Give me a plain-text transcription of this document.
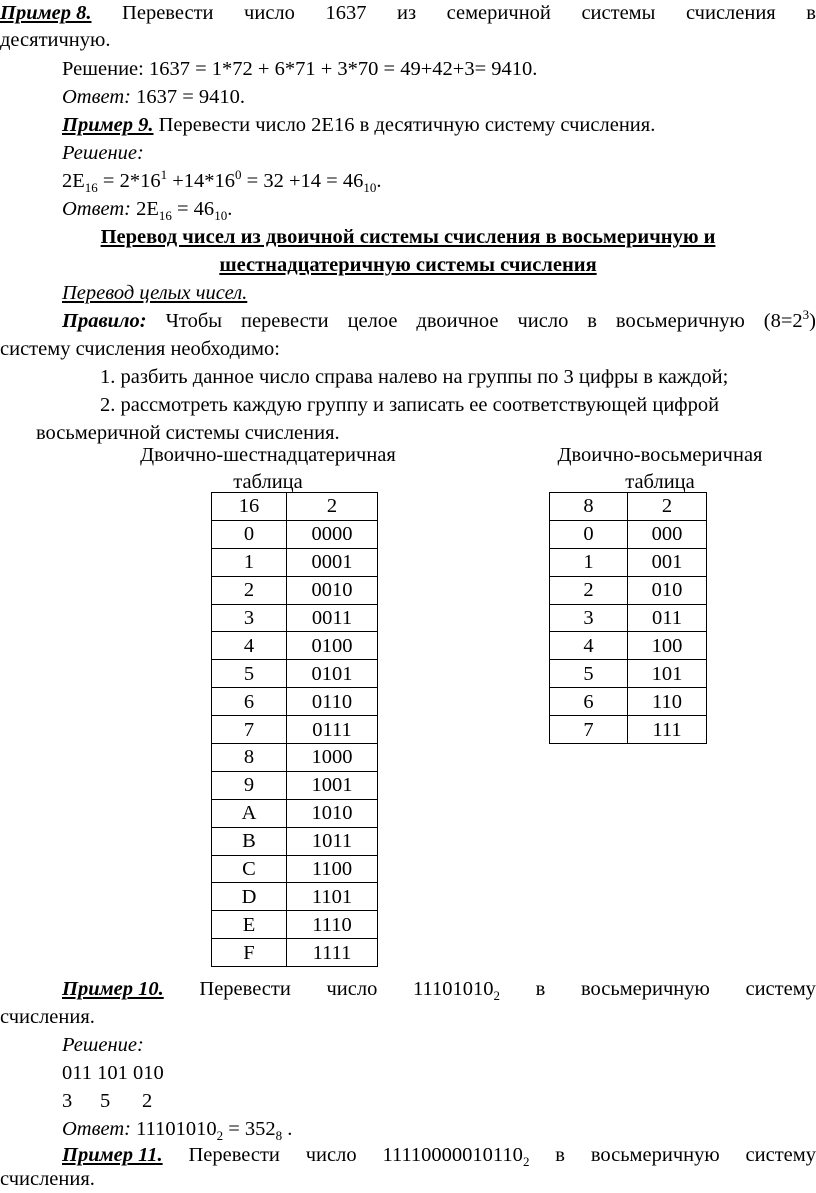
Пример 8. Перевести число 1637 из семеричной системы счисления в
десятичную.
Решение: 1637 = 1*72 + 6*71 + 3*70 = 49+42+3= 9410.
Ответ: 1637 = 9410.
Пример 9. Перевести число 2E16 в десятичную систему счисления.
Решение:
$2E_{16} = 2*16^1 +14*16^0 = 32 +14 = 46_{10}$.
Ответ: $2E_{16} = 46_{10}$.
Перевод чисел из двоичной системы счисления в восьмеричную и
шестнадцатеричную системы счисления
Перевод целых чисел.
Правило: Чтобы перевести целое двоичное число в восьмеричную $(8=2^3)$
систему счисления необходимо:
1. разбить данное число справа налево на группы по 3 цифры в каждой;
2. рассмотреть каждую группу и записать ее соответствующей цифрой
восьмеричной системы счисления.
Двоично-шестнадцатеричная
таблица
Двоично-восьмеричная
таблица
16	2
0	0000
1	0001
2	0010
3	0011
4	0100
5	0101
6	0110
7	0111
8	1000
9	1001
A	1010
B	1011
C	1100
D	1101
E	1110
F	1111
8	2
0	000
1	001
2	010
3	011
4	100
5	101
6	110
7	111
Пример 10. Перевести число $11101010_2$ в восьмеричную систему
счисления.
Решение:
011 101 010
3 5 2
Ответ: $11101010_2 = 352_8$ .
Пример 11. Перевести число $11110000010110_2$ в восьмеричную систему
счисления.
